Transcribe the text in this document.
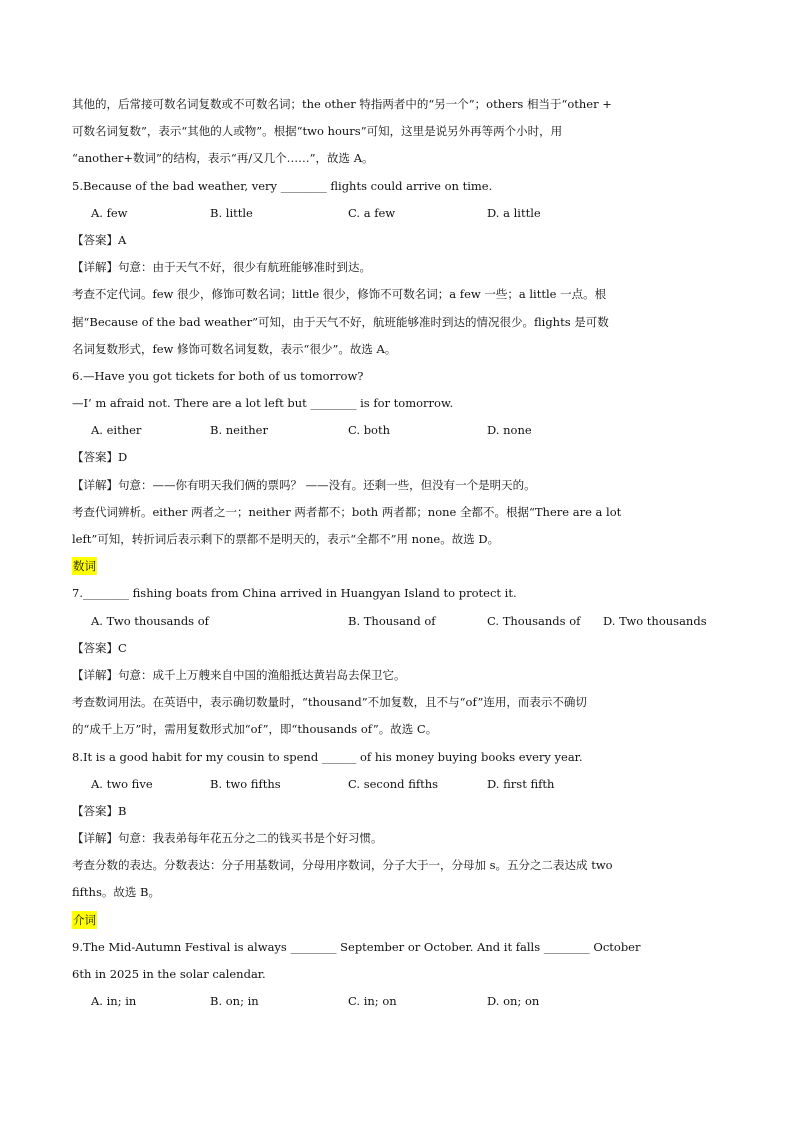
其他的，后常接可数名词复数或不可数名词；the other 特指两者中的“另一个”；others 相当于“other +
可数名词复数”，表示“其他的人或物”。根据“two hours”可知，这里是说另外再等两个小时，用
“another+数词”的结构，表示“再/又几个……”，故选 A。
5.Because of the bad weather, very ________ flights could arrive on time.
A. few	B. little	C. a few	D. a little
【答案】A
【详解】句意：由于天气不好，很少有航班能够准时到达。
考查不定代词。few 很少，修饰可数名词；little 很少，修饰不可数名词；a few 一些；a little 一点。根
据“Because of the bad weather”可知，由于天气不好，航班能够准时到达的情况很少。flights 是可数
名词复数形式，few 修饰可数名词复数，表示“很少”。故选 A。
6.—Have you got tickets for both of us tomorrow?
—I’ m afraid not. There are a lot left but ________ is for tomorrow.
A. either	B. neither	C. both	D. none
【答案】D
【详解】句意：——你有明天我们俩的票吗？ ——没有。还剩一些，但没有一个是明天的。
考查代词辨析。either 两者之一；neither 两者都不；both 两者都；none 全都不。根据“There are a lot
left”可知，转折词后表示剩下的票都不是明天的，表示“全都不”用 none。故选 D。
数词
7.________ fishing boats from China arrived in Huangyan Island to protect it.
A. Two thousands of	B. Thousand of	C. Thousands of D. Two thousands
【答案】C
【详解】句意：成千上万艘来自中国的渔船抵达黄岩岛去保卫它。
考查数词用法。在英语中，表示确切数量时，“thousand”不加复数，且不与“of”连用，而表示不确切
的“成千上万”时，需用复数形式加“of”，即“thousands of”。故选 C。
8.It is a good habit for my cousin to spend ______ of his money buying books every year.
A. two five	B. two fifths	C. second fifths	D. first fifth
【答案】B
【详解】句意：我表弟每年花五分之二的钱买书是个好习惯。
考查分数的表达。分数表达：分子用基数词，分母用序数词，分子大于一，分母加 s。五分之二表达成 two
fifths。故选 B。
介词
9.The Mid-Autumn Festival is always ________ September or October. And it falls ________ October
6th in 2025 in the solar calendar.
A. in; in	B. on; in	C. in; on	D. on; on
